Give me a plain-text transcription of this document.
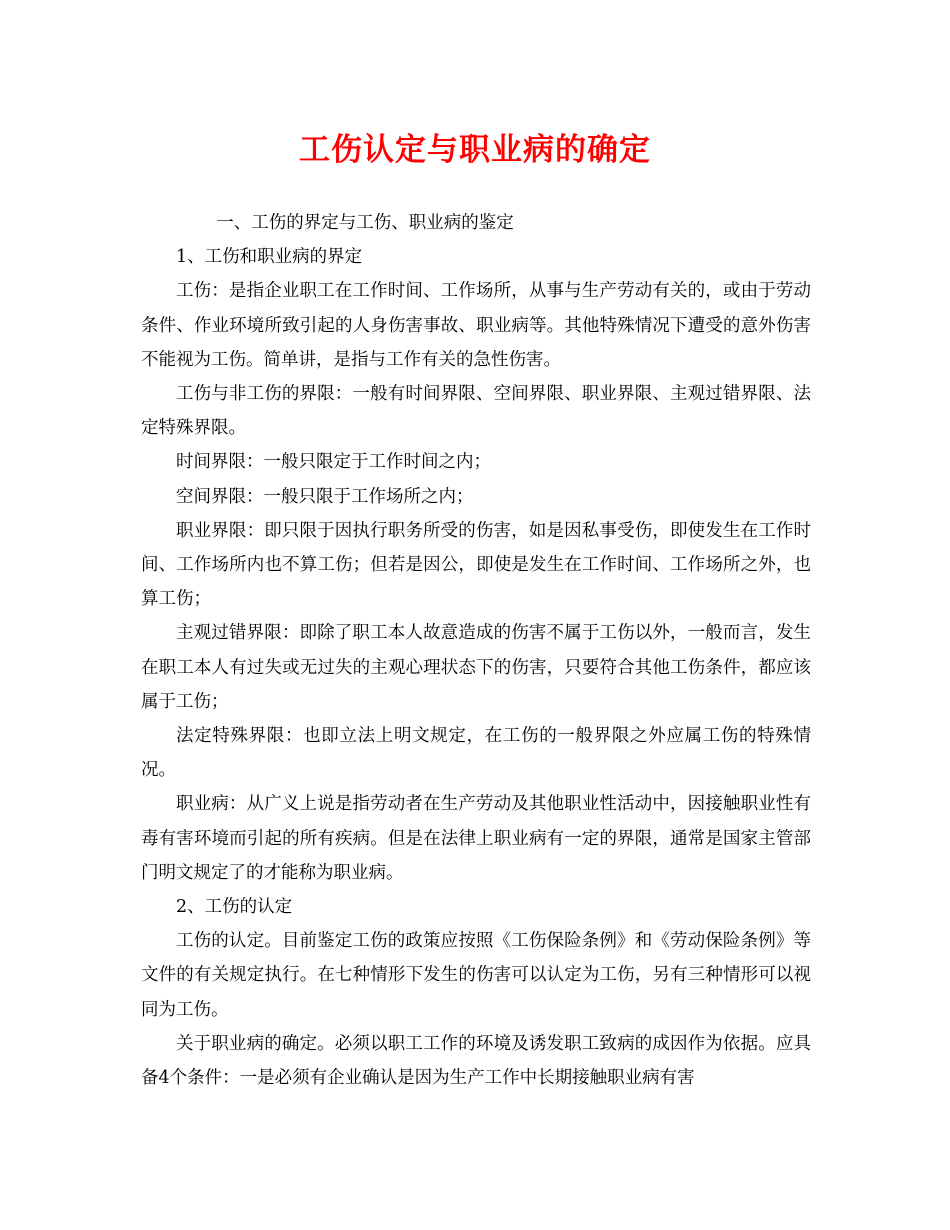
工伤认定与职业病的确定

一、工伤的界定与工伤、职业病的鉴定

1、工伤和职业病的界定

工伤：是指企业职工在工作时间、工作场所，从事与生产劳动有关的，或由于劳动条件、作业环境所致引起的人身伤害事故、职业病等。其他特殊情况下遭受的意外伤害不能视为工伤。简单讲，是指与工作有关的急性伤害。

工伤与非工伤的界限：一般有时间界限、空间界限、职业界限、主观过错界限、法定特殊界限。

时间界限：一般只限定于工作时间之内；

空间界限：一般只限于工作场所之内；

职业界限：即只限于因执行职务所受的伤害，如是因私事受伤，即使发生在工作时间、工作场所内也不算工伤；但若是因公，即使是发生在工作时间、工作场所之外，也算工伤；

主观过错界限：即除了职工本人故意造成的伤害不属于工伤以外，一般而言，发生在职工本人有过失或无过失的主观心理状态下的伤害，只要符合其他工伤条件，都应该属于工伤；

法定特殊界限：也即立法上明文规定，在工伤的一般界限之外应属工伤的特殊情况。

职业病：从广义上说是指劳动者在生产劳动及其他职业性活动中，因接触职业性有毒有害环境而引起的所有疾病。但是在法律上职业病有一定的界限，通常是国家主管部门明文规定了的才能称为职业病。

2、工伤的认定

工伤的认定。目前鉴定工伤的政策应按照《工伤保险条例》和《劳动保险条例》等文件的有关规定执行。在七种情形下发生的伤害可以认定为工伤，另有三种情形可以视同为工伤。

关于职业病的确定。必须以职工工作的环境及诱发职工致病的成因作为依据。应具备4个条件：一是必须有企业确认是因为生产工作中长期接触职业病有害
